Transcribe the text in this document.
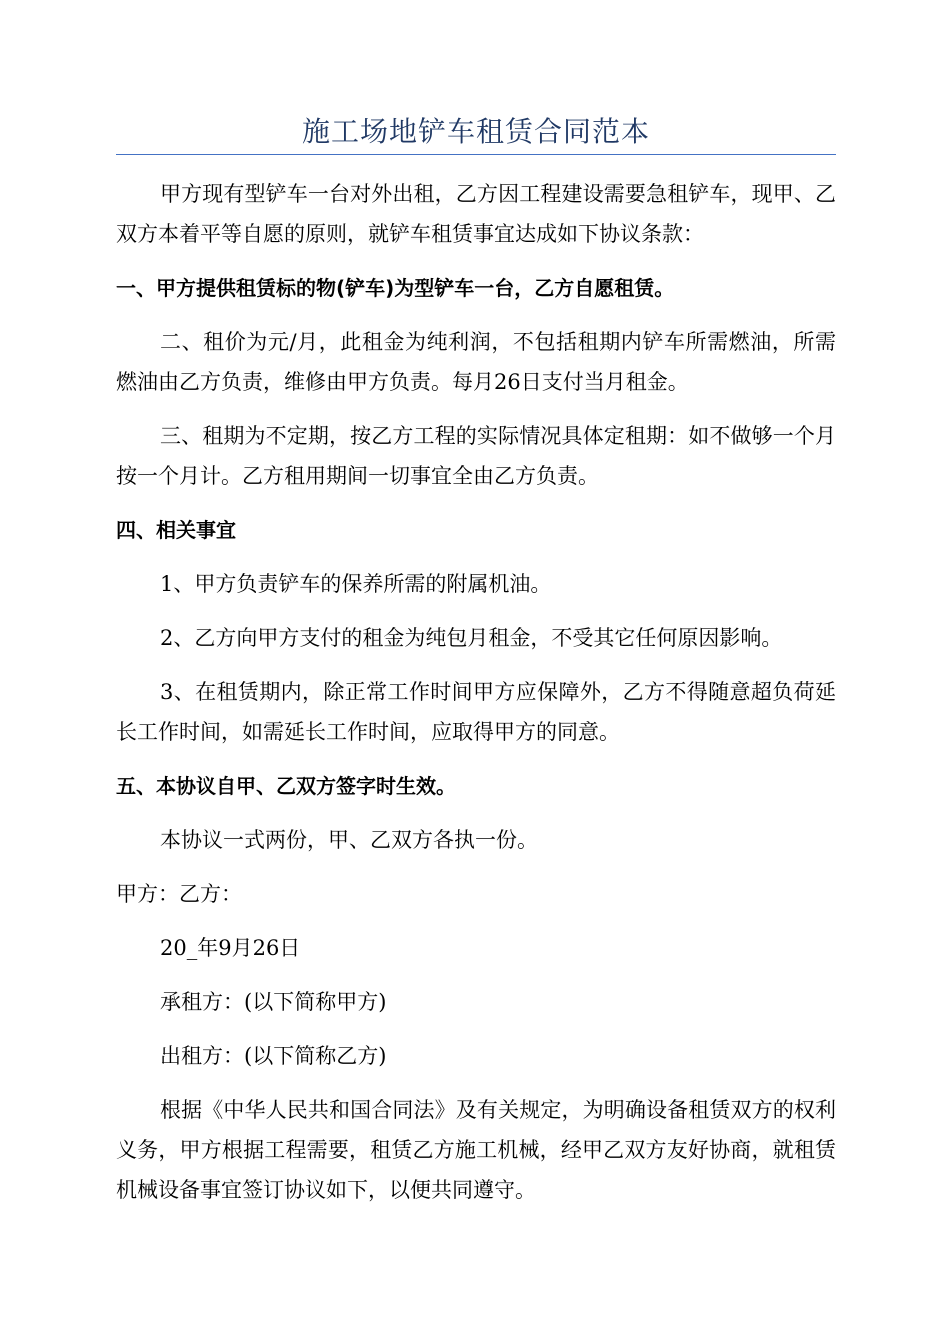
施工场地铲车租赁合同范本

甲方现有型铲车一台对外出租，乙方因工程建设需要急租铲车，现甲、乙双方本着平等自愿的原则，就铲车租赁事宜达成如下协议条款：

一、甲方提供租赁标的物(铲车)为型铲车一台，乙方自愿租赁。

二、租价为元/月，此租金为纯利润，不包括租期内铲车所需燃油，所需燃油由乙方负责，维修由甲方负责。每月26日支付当月租金。

三、租期为不定期，按乙方工程的实际情况具体定租期：如不做够一个月按一个月计。乙方租用期间一切事宜全由乙方负责。

四、相关事宜

1、甲方负责铲车的保养所需的附属机油。

2、乙方向甲方支付的租金为纯包月租金，不受其它任何原因影响。

3、在租赁期内，除正常工作时间甲方应保障外，乙方不得随意超负荷延长工作时间，如需延长工作时间，应取得甲方的同意。

五、本协议自甲、乙双方签字时生效。

本协议一式两份，甲、乙双方各执一份。

甲方：乙方：

20_年9月26日

承租方：(以下简称甲方)

出租方：(以下简称乙方)

根据《中华人民共和国合同法》及有关规定，为明确设备租赁双方的权利义务，甲方根据工程需要，租赁乙方施工机械，经甲乙双方友好协商，就租赁机械设备事宜签订协议如下，以便共同遵守。
